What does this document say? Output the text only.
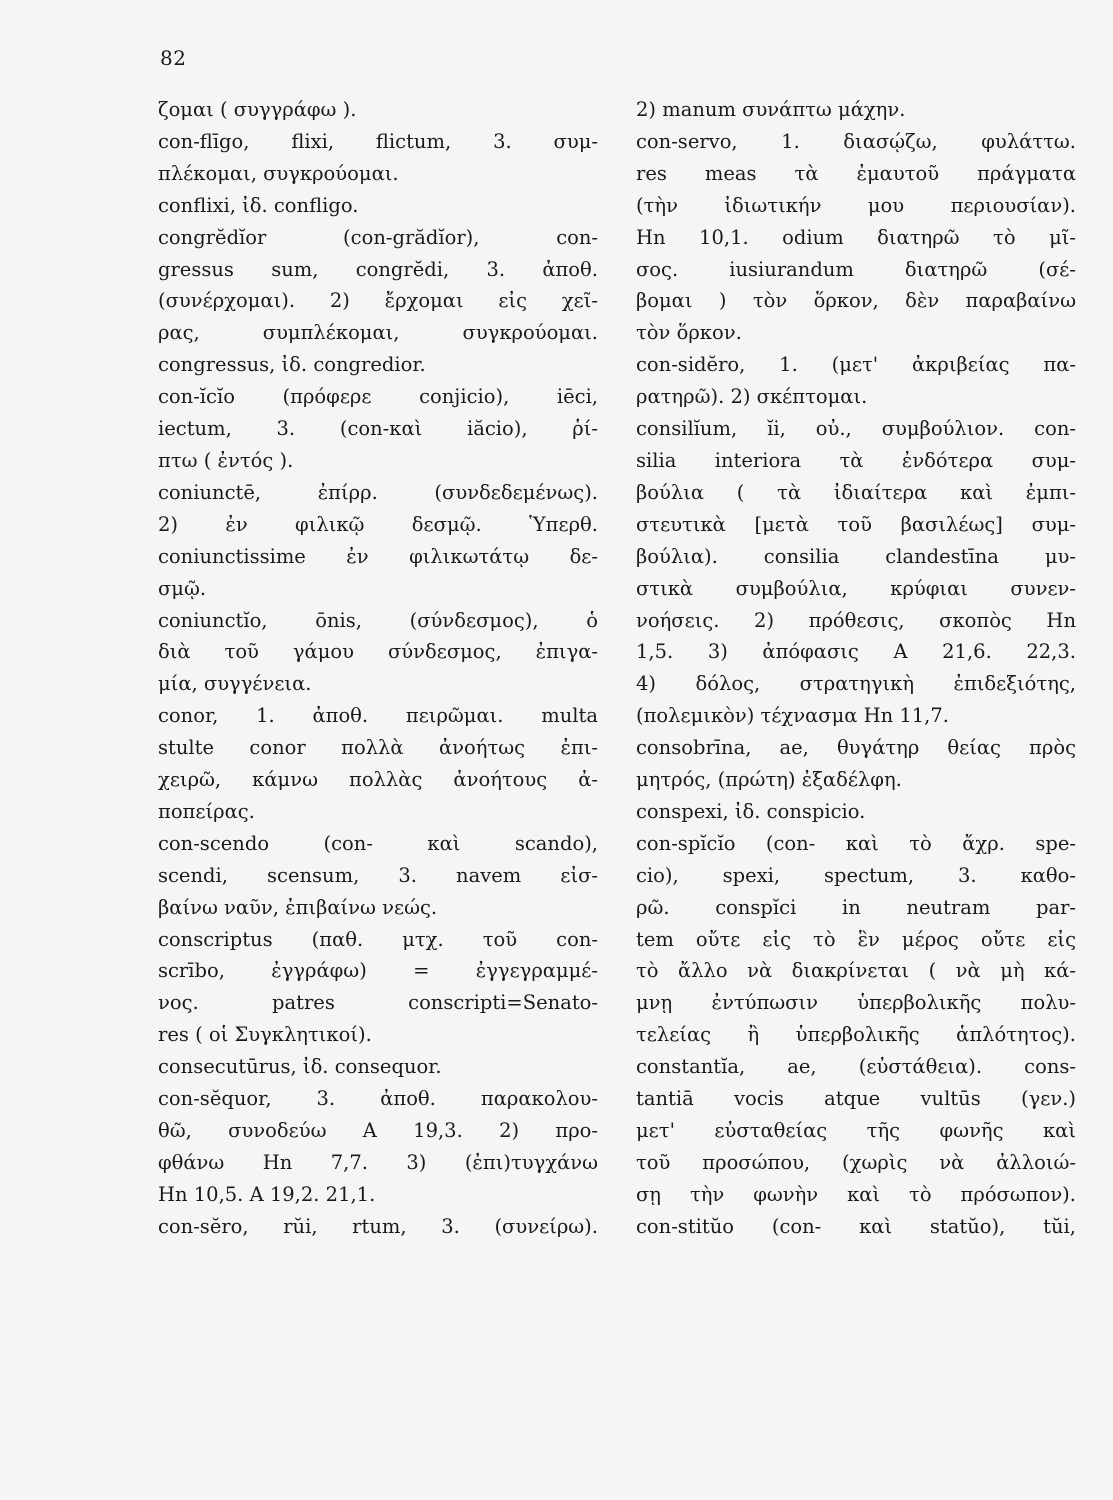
82
ζομαι ( συγγράφω ).
con-flīgo, flixi, flictum, 3. συμ-
πλέκομαι, συγκρούομαι.
conflixi, ἰδ. confligo.
congrĕdĭor (con-grădĭor), con-
gressus sum, congrĕdi, 3. ἀποθ.
(συνέρχομαι). 2) ἔρχομαι εἰς χεῖ-
ρας, συμπλέκομαι, συγκρούομαι.
congressus, ἰδ. congredior.
con-ĭcĭo (πρόφερε conjicio), iēci,
iectum, 3. (con-καὶ iăcio), ῥί-
πτω ( ἐντός ).
coniunctē, ἐπίρρ. (συνδεδεμένως).
2) ἐν φιλικῷ δεσμῷ. Ὑπερθ.
coniunctissime ἐν φιλικωτάτῳ δε-
σμῷ.
coniunctĭo, ōnis, (σύνδεσμος), ὁ
διὰ τοῦ γάμου σύνδεσμος, ἐπιγα-
μία, συγγένεια.
conor, 1. ἀποθ. πειρῶμαι. multa
stulte conor πολλὰ ἀνοήτως ἐπι-
χειρῶ, κάμνω πολλὰς ἀνοήτους ἀ-
ποπείρας.
con-scendo (con- καὶ scando),
scendi, scensum, 3. navem εἰσ-
βαίνω ναῦν, ἐπιβαίνω νεώς.
conscriptus (παθ. μτχ. τοῦ con-
scrībo, ἐγγράφω) = ἐγγεγραμμέ-
νος. patres conscripti=Senato-
res ( οἱ Συγκλητικοί).
consecutūrus, ἰδ. consequor.
con-sĕquor, 3. ἀποθ. παρακολου-
θῶ, συνοδεύω A 19,3. 2) προ-
φθάνω Hn 7,7. 3) (ἐπι)τυγχάνω
Hn 10,5. A 19,2. 21,1.
con-sĕro, rŭi, rtum, 3. (συνείρω).
2) manum συνάπτω μάχην.
con-servo, 1. διασῴζω, φυλάττω.
res meas τὰ ἐμαυτοῦ πράγματα
(τὴν ἰδιωτικήν μου περιουσίαν).
Hn 10,1. odium διατηρῶ τὸ μῖ-
σος. iusiurandum διατηρῶ (σέ-
βομαι ) τὸν ὅρκον, δὲν παραβαίνω
τὸν ὅρκον.
con-sidĕro, 1. (μετ' ἀκριβείας πα-
ρατηρῶ). 2) σκέπτομαι.
consilĭum, ĭi, οὐ., συμβούλιον. con-
silia interiora τὰ ἐνδότερα συμ-
βούλια ( τὰ ἰδιαίτερα καὶ ἐμπι-
στευτικὰ [μετὰ τοῦ βασιλέως] συμ-
βούλια). consilia clandestīna μυ-
στικὰ συμβούλια, κρύφιαι συνεν-
νοήσεις. 2) πρόθεσις, σκοπὸς Hn
1,5. 3) ἀπόφασις A 21,6. 22,3.
4) δόλος, στρατηγικὴ ἐπιδεξιότης,
(πολεμικὸν) τέχνασμα Hn 11,7.
consobrīna, ae, θυγάτηρ θείας πρὸς
μητρός, (πρώτη) ἐξαδέλφη.
conspexi, ἰδ. conspicio.
con-spĭcĭo (con- καὶ τὸ ἄχρ. spe-
cio), spexi, spectum, 3. καθο-
ρῶ. conspĭci in neutram par-
tem οὔτε εἰς τὸ ἓν μέρος οὔτε εἰς
τὸ ἄλλο νὰ διακρίνεται ( νὰ μὴ κά-
μνῃ ἐντύπωσιν ὑπερβολικῆς πολυ-
τελείας ἢ ὑπερβολικῆς ἁπλότητος).
constantĭa, ae, (εὐστάθεια). cons-
tantiā vocis atque vultūs (γεν.)
μετ' εὐσταθείας τῆς φωνῆς καὶ
τοῦ προσώπου, (χωρὶς νὰ ἀλλοιώ-
σῃ τὴν φωνὴν καὶ τὸ πρόσωπον).
con-stitŭo (con- καὶ statŭo), tŭi,
